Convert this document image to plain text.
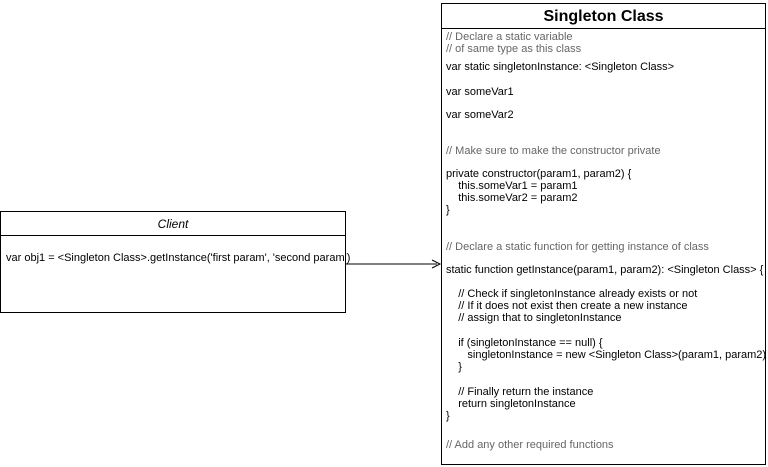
Client
var obj1 = <Singleton Class>.getInstance('first param', 'second param')
Singleton Class
// Declare a static variable
// of same type as this class
var static singletonInstance: <Singleton Class>
var someVar1
var someVar2
// Make sure to make the constructor private
private constructor(param1, param2) {
this.someVar1 = param1
this.someVar2 = param2
}
// Declare a static function for getting instance of class
static function getInstance(param1, param2): <Singleton Class> {
// Check if singletonInstance already exists or not
// If it does not exist then create a new instance
// assign that to singletonInstance
if (singletonInstance == null) {
singletonInstance = new <Singleton Class>(param1, param2)
}
// Finally return the instance
return singletonInstance
}
// Add any other required functions
